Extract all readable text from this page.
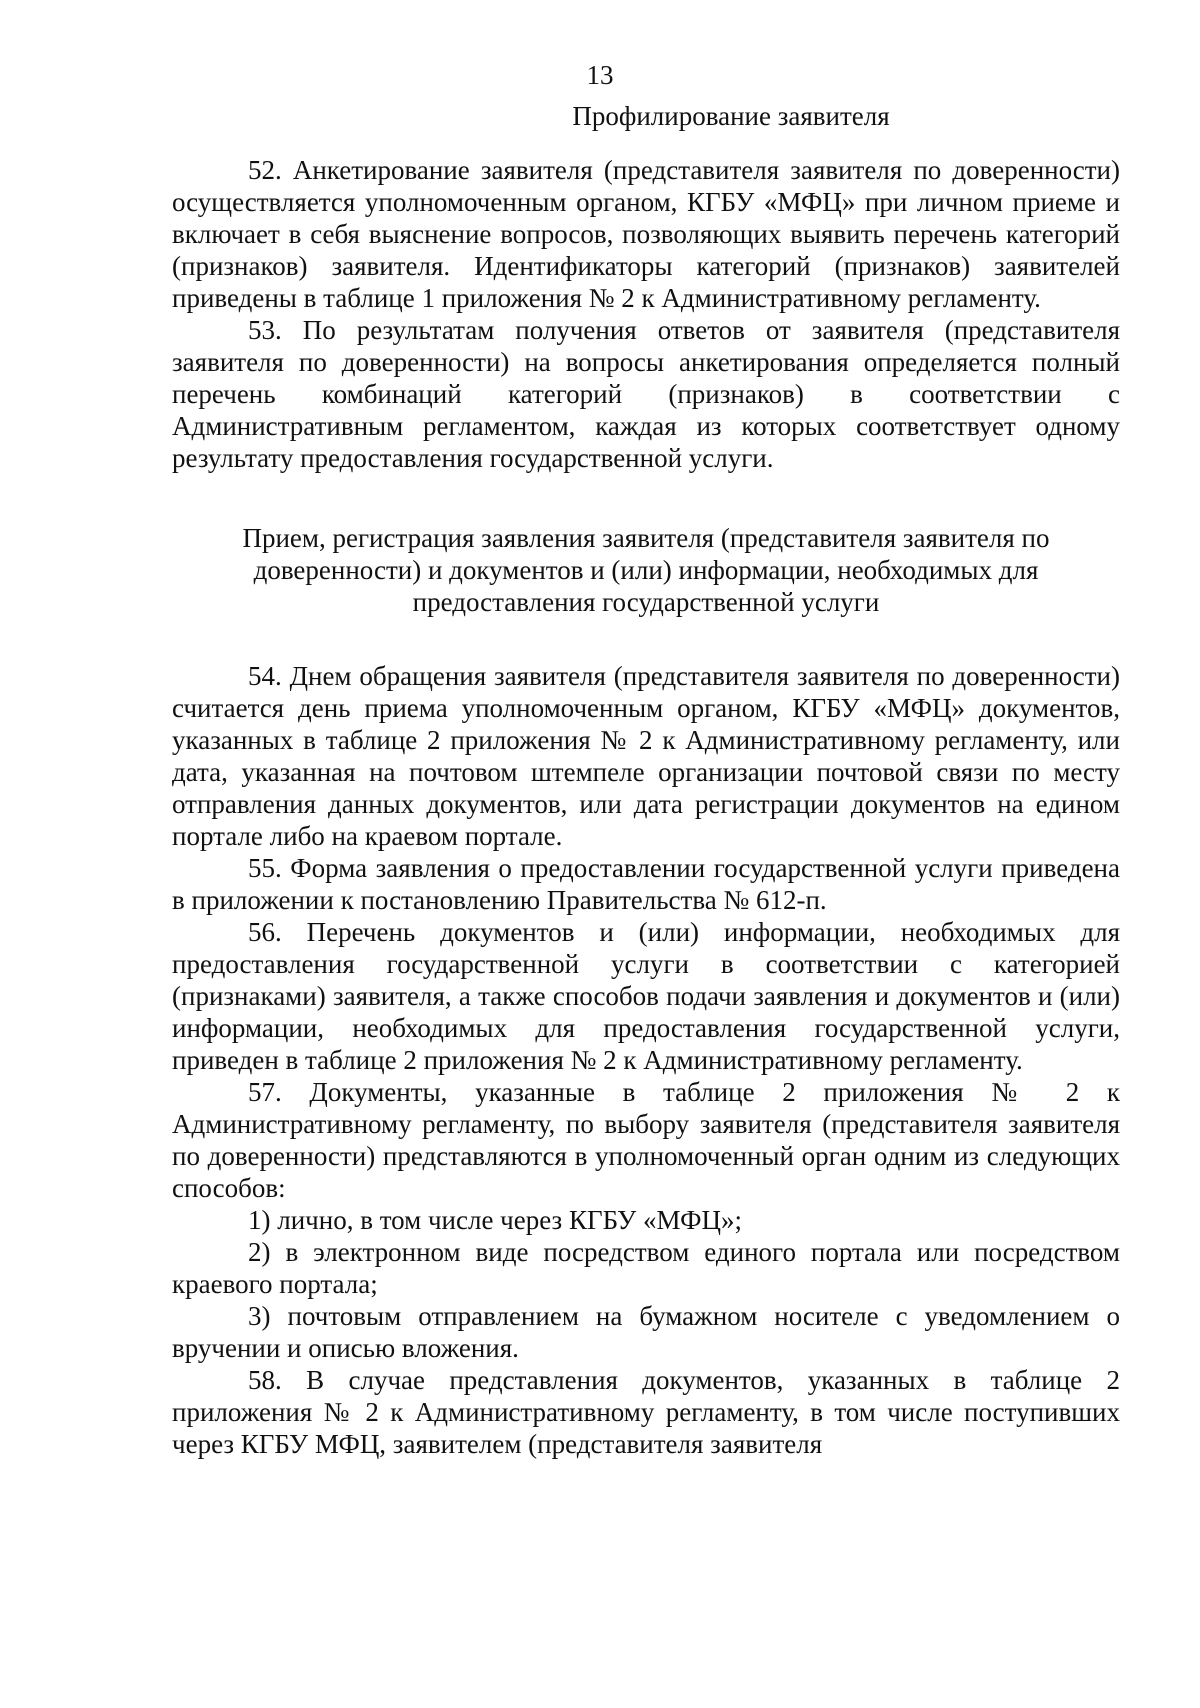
13

Профилирование заявителя

52. Анкетирование заявителя (представителя заявителя по доверенности) осуществляется уполномоченным органом, КГБУ «МФЦ» при личном приеме и включает в себя выяснение вопросов, позволяющих выявить перечень категорий (признаков) заявителя. Идентификаторы категорий (признаков) заявителей приведены в таблице 1 приложения № 2 к Административному регламенту.

53. По результатам получения ответов от заявителя (представителя заявителя по доверенности) на вопросы анкетирования определяется полный перечень комбинаций категорий (признаков) в соответствии с Административным регламентом, каждая из которых соответствует одному результату предоставления государственной услуги.

Прием, регистрация заявления заявителя (представителя заявителя по доверенности) и документов и (или) информации, необходимых для предоставления государственной услуги

54. Днем обращения заявителя (представителя заявителя по доверенности) считается день приема уполномоченным органом, КГБУ «МФЦ» документов, указанных в таблице 2 приложения № 2 к Административному регламенту, или дата, указанная на почтовом штемпеле организации почтовой связи по месту отправления данных документов, или дата регистрации документов на едином портале либо на краевом портале.

55. Форма заявления о предоставлении государственной услуги приведена в приложении к постановлению Правительства № 612-п.

56. Перечень документов и (или) информации, необходимых для предоставления государственной услуги в соответствии с категорией (признаками) заявителя, а также способов подачи заявления и документов и (или) информации, необходимых для предоставления государственной услуги, приведен в таблице 2 приложения № 2 к Административному регламенту.

57. Документы, указанные в таблице 2 приложения № 2 к Административному регламенту, по выбору заявителя (представителя заявителя по доверенности) представляются в уполномоченный орган одним из следующих способов:

1) лично, в том числе через КГБУ «МФЦ»;

2) в электронном виде посредством единого портала или посредством краевого портала;

3) почтовым отправлением на бумажном носителе с уведомлением о вручении и описью вложения.

58. В случае представления документов, указанных в таблице 2 приложения № 2 к Административному регламенту, в том числе поступивших через КГБУ МФЦ, заявителем (представителя заявителя
